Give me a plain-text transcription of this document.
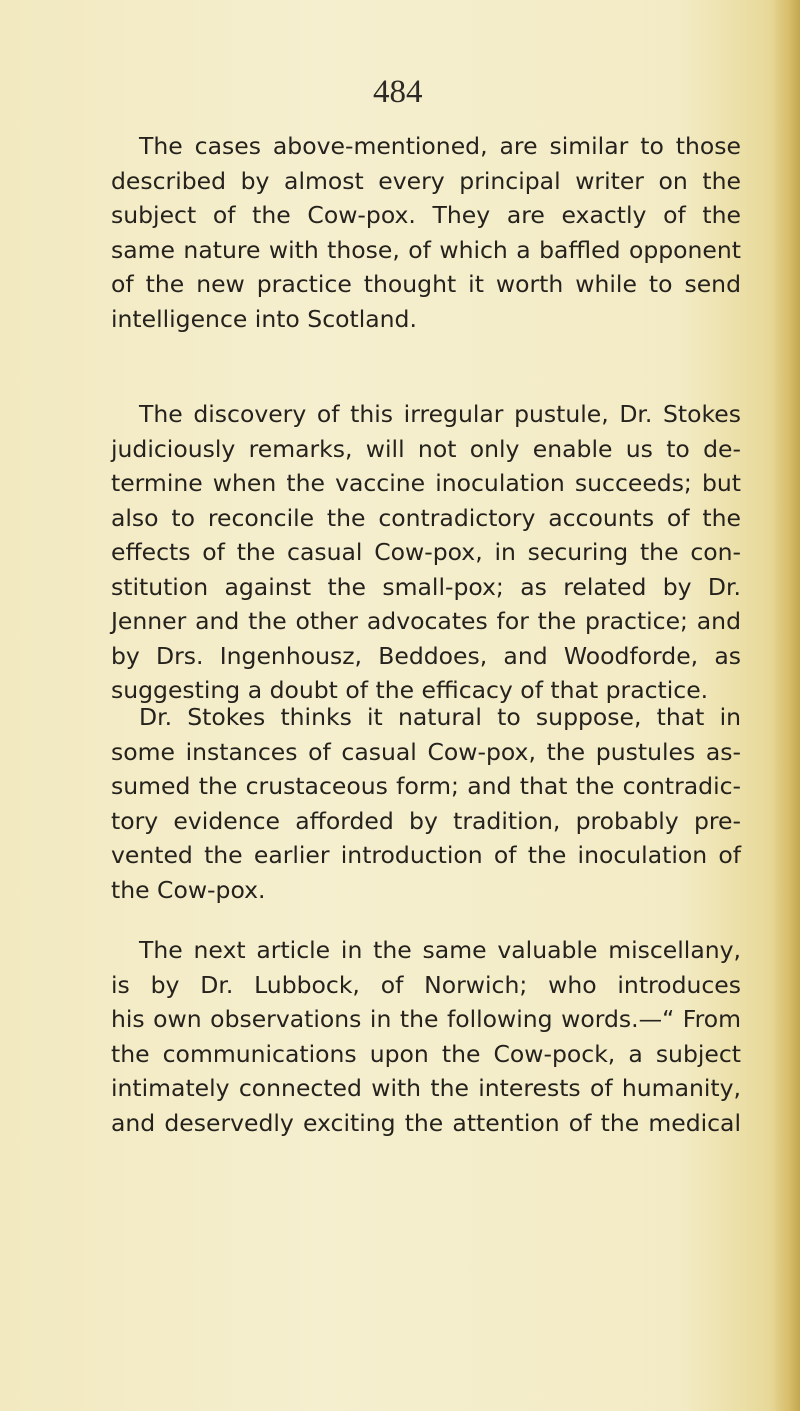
484
The cases above-mentioned, are similar to those
described by almost every principal writer on the
subject of the Cow-pox. They are exactly of the
same nature with those, of which a baffled opponent
of the new practice thought it worth while to send
intelligence into Scotland.
The discovery of this irregular pustule, Dr. Stokes
judiciously remarks, will not only enable us to de-
termine when the vaccine inoculation succeeds; but
also to reconcile the contradictory accounts of the
effects of the casual Cow-pox, in securing the con-
stitution against the small-pox; as related by Dr.
Jenner and the other advocates for the practice; and
by Drs. Ingenhousz, Beddoes, and Woodforde, as
suggesting a doubt of the efficacy of that practice.
Dr. Stokes thinks it natural to suppose, that in
some instances of casual Cow-pox, the pustules as-
sumed the crustaceous form; and that the contradic-
tory evidence afforded by tradition, probably pre-
vented the earlier introduction of the inoculation of
the Cow-pox.
The next article in the same valuable miscellany,
is by Dr. Lubbock, of Norwich; who introduces
his own observations in the following words.—“ From
the communications upon the Cow-pock, a subject
intimately connected with the interests of humanity,
and deservedly exciting the attention of the medical
